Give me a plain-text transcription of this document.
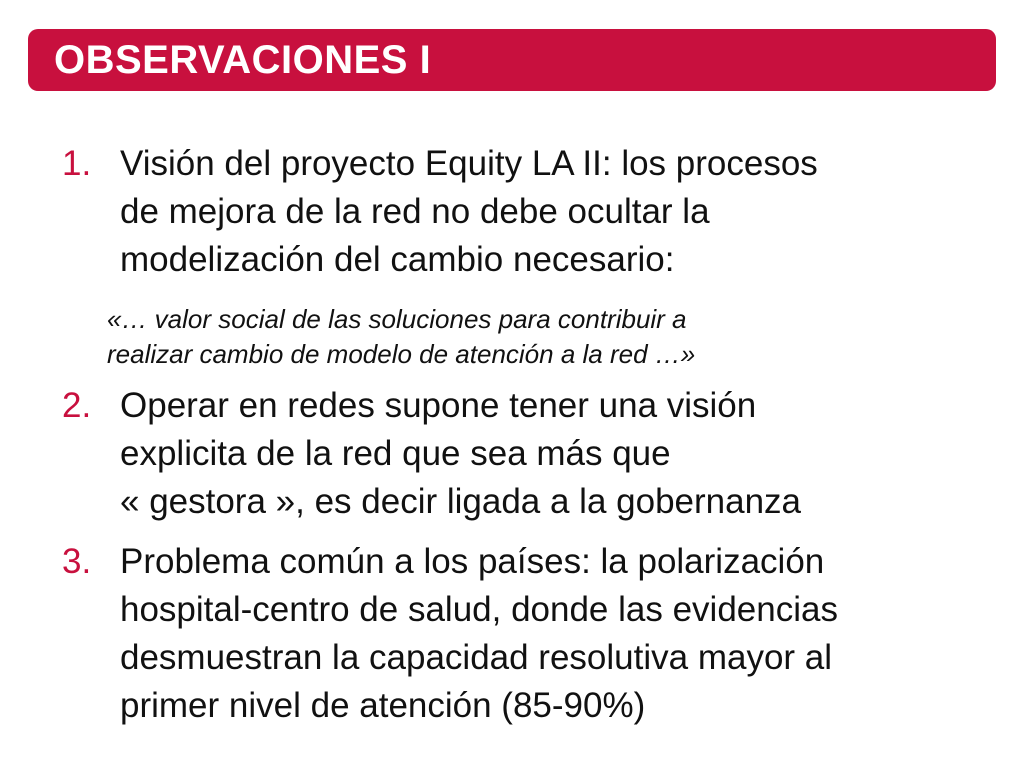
OBSERVACIONES I
1. Visión del proyecto Equity LA II: los procesos
de mejora de la red no debe ocultar la
modelización del cambio necesario:
«… valor social de las soluciones para contribuir a
realizar cambio de modelo de atención a la red …»
2. Operar en redes supone tener una visión
explicita de la red que sea más que
« gestora », es decir ligada a la gobernanza
3. Problema común a los países: la polarización
hospital-centro de salud, donde las evidencias
desmuestran la capacidad resolutiva mayor al
primer nivel de atención (85-90%)
